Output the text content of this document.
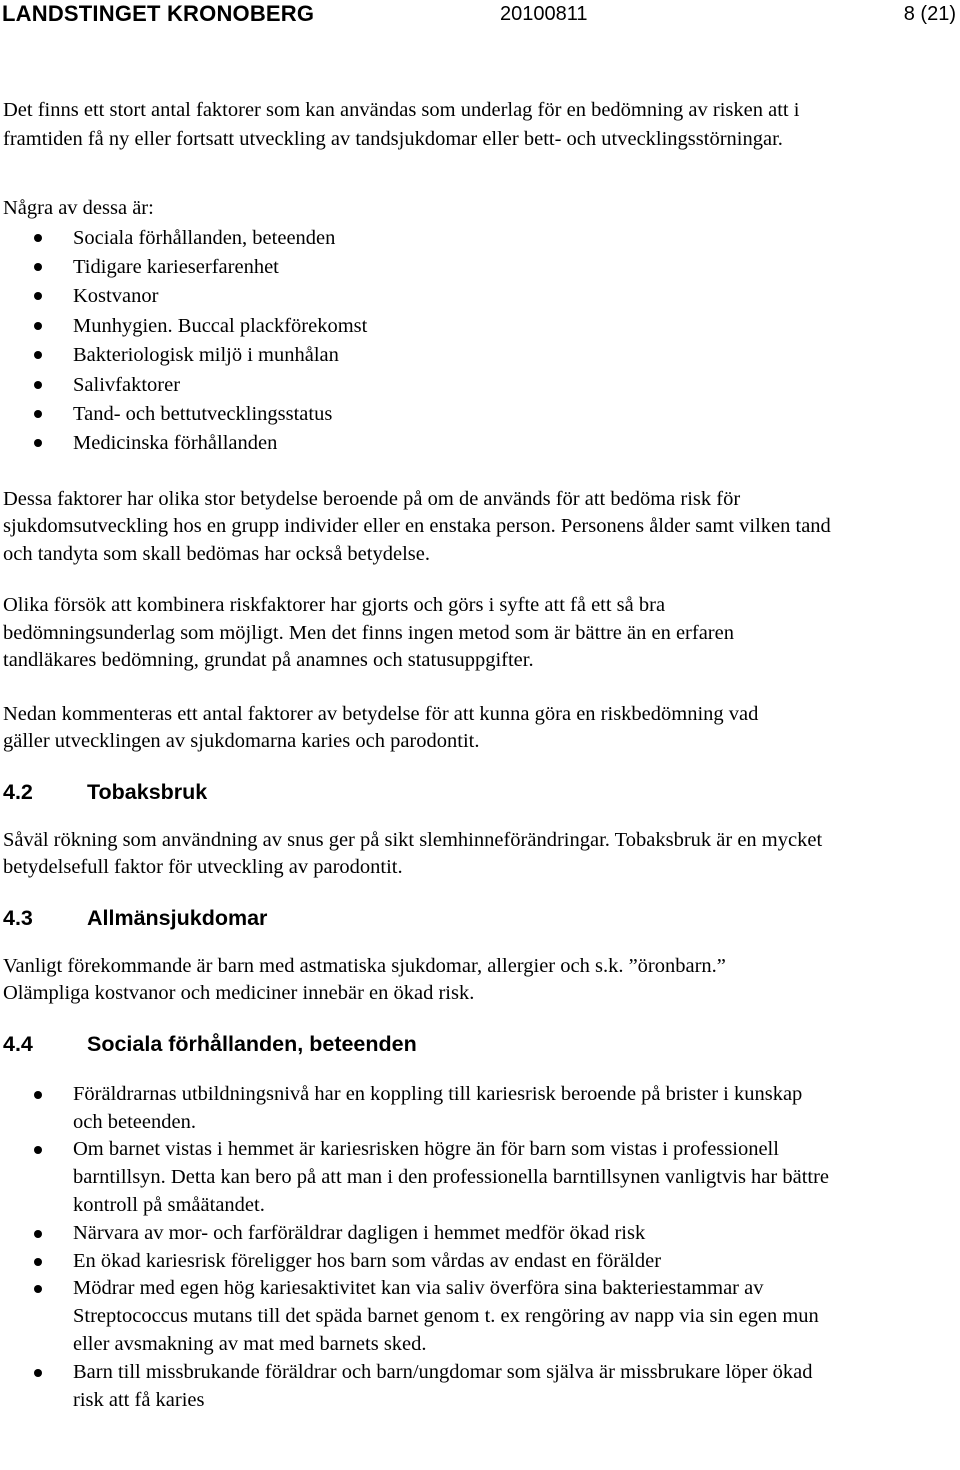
LANDSTINGET KRONOBERG	20100811	8 (21)

Det finns ett stort antal faktorer som kan användas som underlag för en bedömning av risken att i framtiden få ny eller fortsatt utveckling av tandsjukdomar eller bett- och utvecklingsstörningar.

Några av dessa är:

Sociala förhållanden, beteenden
Tidigare karieserfarenhet
Kostvanor
Munhygien. Buccal plackförekomst
Bakteriologisk miljö i munhålan
Salivfaktorer
Tand- och bettutvecklingsstatus
Medicinska förhållanden

Dessa faktorer har olika stor betydelse beroende på om de används för att bedöma risk för sjukdomsutveckling hos en grupp individer eller en enstaka person. Personens ålder samt vilken tand och tandyta som skall bedömas har också betydelse.

Olika försök att kombinera riskfaktorer har gjorts och görs i syfte att få ett så bra bedömningsunderlag som möjligt. Men det finns ingen metod som är bättre än en erfaren tandläkares bedömning, grundat på anamnes och statusuppgifter.

Nedan kommenteras ett antal faktorer av betydelse för att kunna göra en riskbedömning vad gäller utvecklingen av sjukdomarna karies och parodontit.

4.2	Tobaksbruk

Såväl rökning som användning av snus ger på sikt slemhinneförändringar. Tobaksbruk är en mycket betydelsefull faktor för utveckling av parodontit.

4.3	Allmänsjukdomar

Vanligt förekommande är barn med astmatiska sjukdomar, allergier och s.k. ”öronbarn.” Olämpliga kostvanor och mediciner innebär en ökad risk.

4.4	Sociala förhållanden, beteenden
Föräldrarnas utbildningsnivå har en koppling till kariesrisk beroende på brister i kunskap och beteenden.
Om barnet vistas i hemmet är kariesrisken högre än för barn som vistas i professionell barntillsyn. Detta kan bero på att man i den professionella barntillsynen vanligtvis har bättre kontroll på småätandet.
Närvara av mor- och farföräldrar dagligen i hemmet medför ökad risk
En ökad kariesrisk föreligger hos barn som vårdas av endast en förälder
Mödrar med egen hög kariesaktivitet kan via saliv överföra sina bakteriestammar av Streptococcus mutans till det späda barnet genom t. ex rengöring av napp via sin egen mun eller avsmakning av mat med barnets sked.
Barn till missbrukande föräldrar och barn/ungdomar som själva är missbrukare löper ökad risk att få karies
